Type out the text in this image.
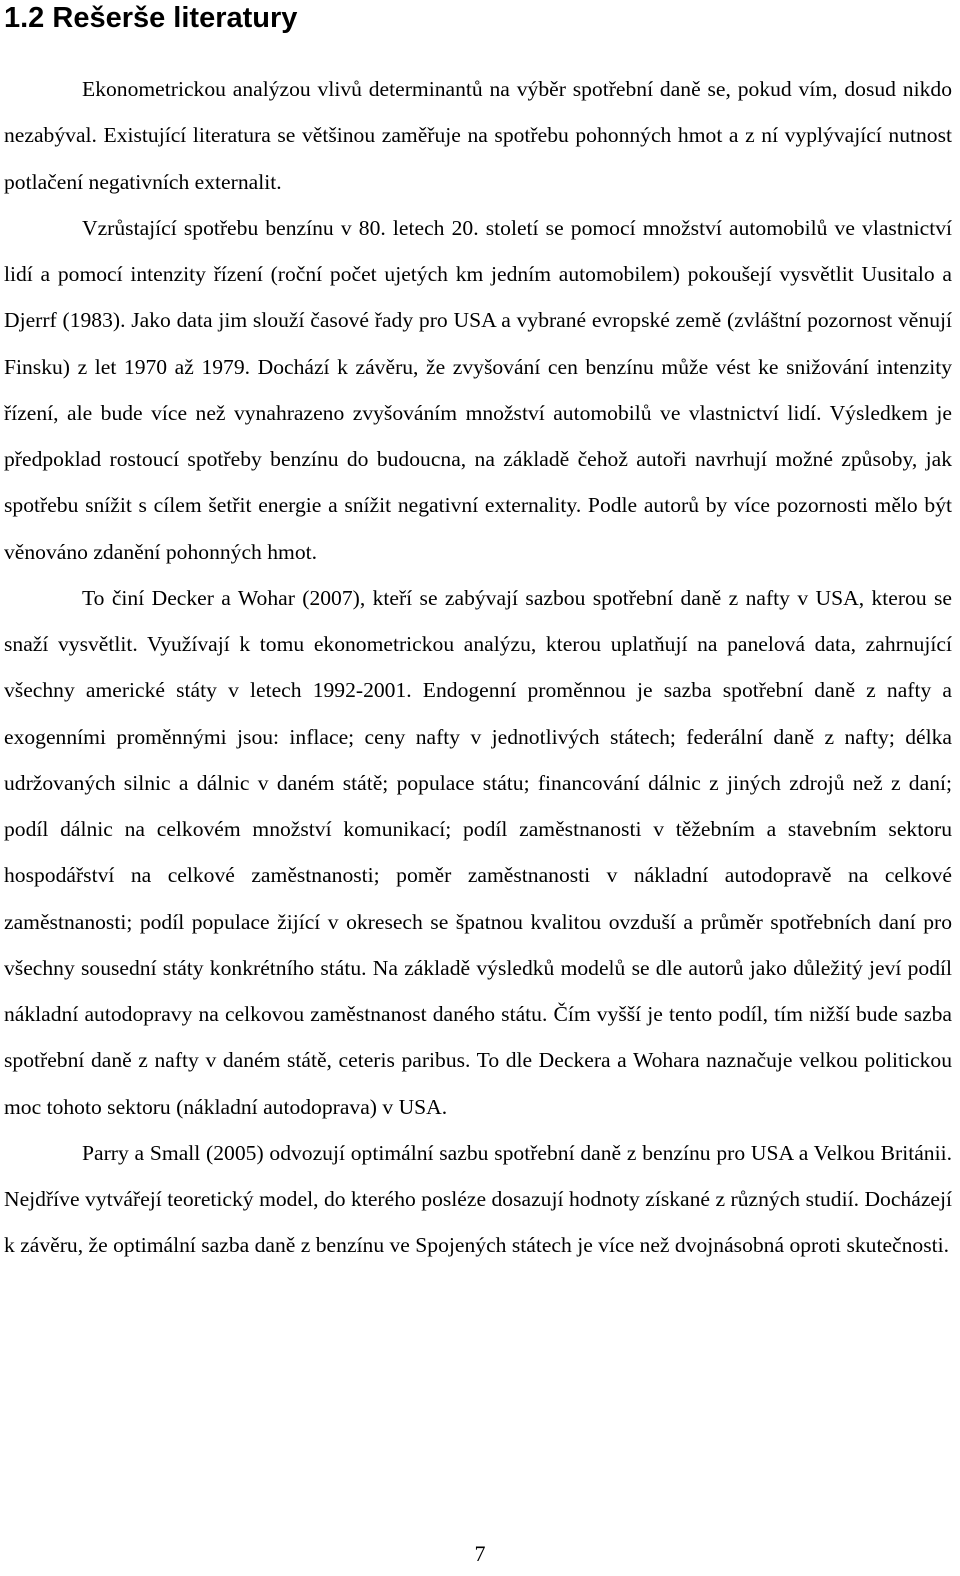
1.2 Rešerše literatury

Ekonometrickou analýzou vlivů determinantů na výběr spotřební daně se, pokud vím, dosud nikdo nezabýval. Existující literatura se většinou zaměřuje na spotřebu pohonných hmot a z ní vyplývající nutnost potlačení negativních externalit.

Vzrůstající spotřebu benzínu v 80. letech 20. století se pomocí množství automobilů ve vlastnictví lidí a pomocí intenzity řízení (roční počet ujetých km jedním automobilem) pokoušejí vysvětlit Uusitalo a Djerrf (1983). Jako data jim slouží časové řady pro USA a vybrané evropské země (zvláštní pozornost věnují Finsku) z let 1970 až 1979. Dochází k závěru, že zvyšování cen benzínu může vést ke snižování intenzity řízení, ale bude více než vynahrazeno zvyšováním množství automobilů ve vlastnictví lidí. Výsledkem je předpoklad rostoucí spotřeby benzínu do budoucna, na základě čehož autoři navrhují možné způsoby, jak spotřebu snížit s cílem šetřit energie a snížit negativní externality. Podle autorů by více pozornosti mělo být věnováno zdanění pohonných hmot.

To činí Decker a Wohar (2007), kteří se zabývají sazbou spotřební daně z nafty v USA, kterou se snaží vysvětlit. Využívají k tomu ekonometrickou analýzu, kterou uplatňují na panelová data, zahrnující všechny americké státy v letech 1992-2001. Endogenní proměnnou je sazba spotřební daně z nafty a exogenními proměnnými jsou: inflace; ceny nafty v jednotlivých státech; federální daně z nafty; délka udržovaných silnic a dálnic v daném státě; populace státu; financování dálnic z jiných zdrojů než z daní; podíl dálnic na celkovém množství komunikací; podíl zaměstnanosti v těžebním a stavebním sektoru hospodářství na celkové zaměstnanosti; poměr zaměstnanosti v nákladní autodopravě na celkové zaměstnanosti; podíl populace žijící v okresech se špatnou kvalitou ovzduší a průměr spotřebních daní pro všechny sousední státy konkrétního státu. Na základě výsledků modelů se dle autorů jako důležitý jeví podíl nákladní autodopravy na celkovou zaměstnanost daného státu. Čím vyšší je tento podíl, tím nižší bude sazba spotřební daně z nafty v daném státě, ceteris paribus. To dle Deckera a Wohara naznačuje velkou politickou moc tohoto sektoru (nákladní autodoprava) v USA.

Parry a Small (2005) odvozují optimální sazbu spotřební daně z benzínu pro USA a Velkou Británii. Nejdříve vytvářejí teoretický model, do kterého posléze dosazují hodnoty získané z různých studií. Docházejí k závěru, že optimální sazba daně z benzínu ve Spojených státech je více než dvojnásobná oproti skutečnosti.

7
